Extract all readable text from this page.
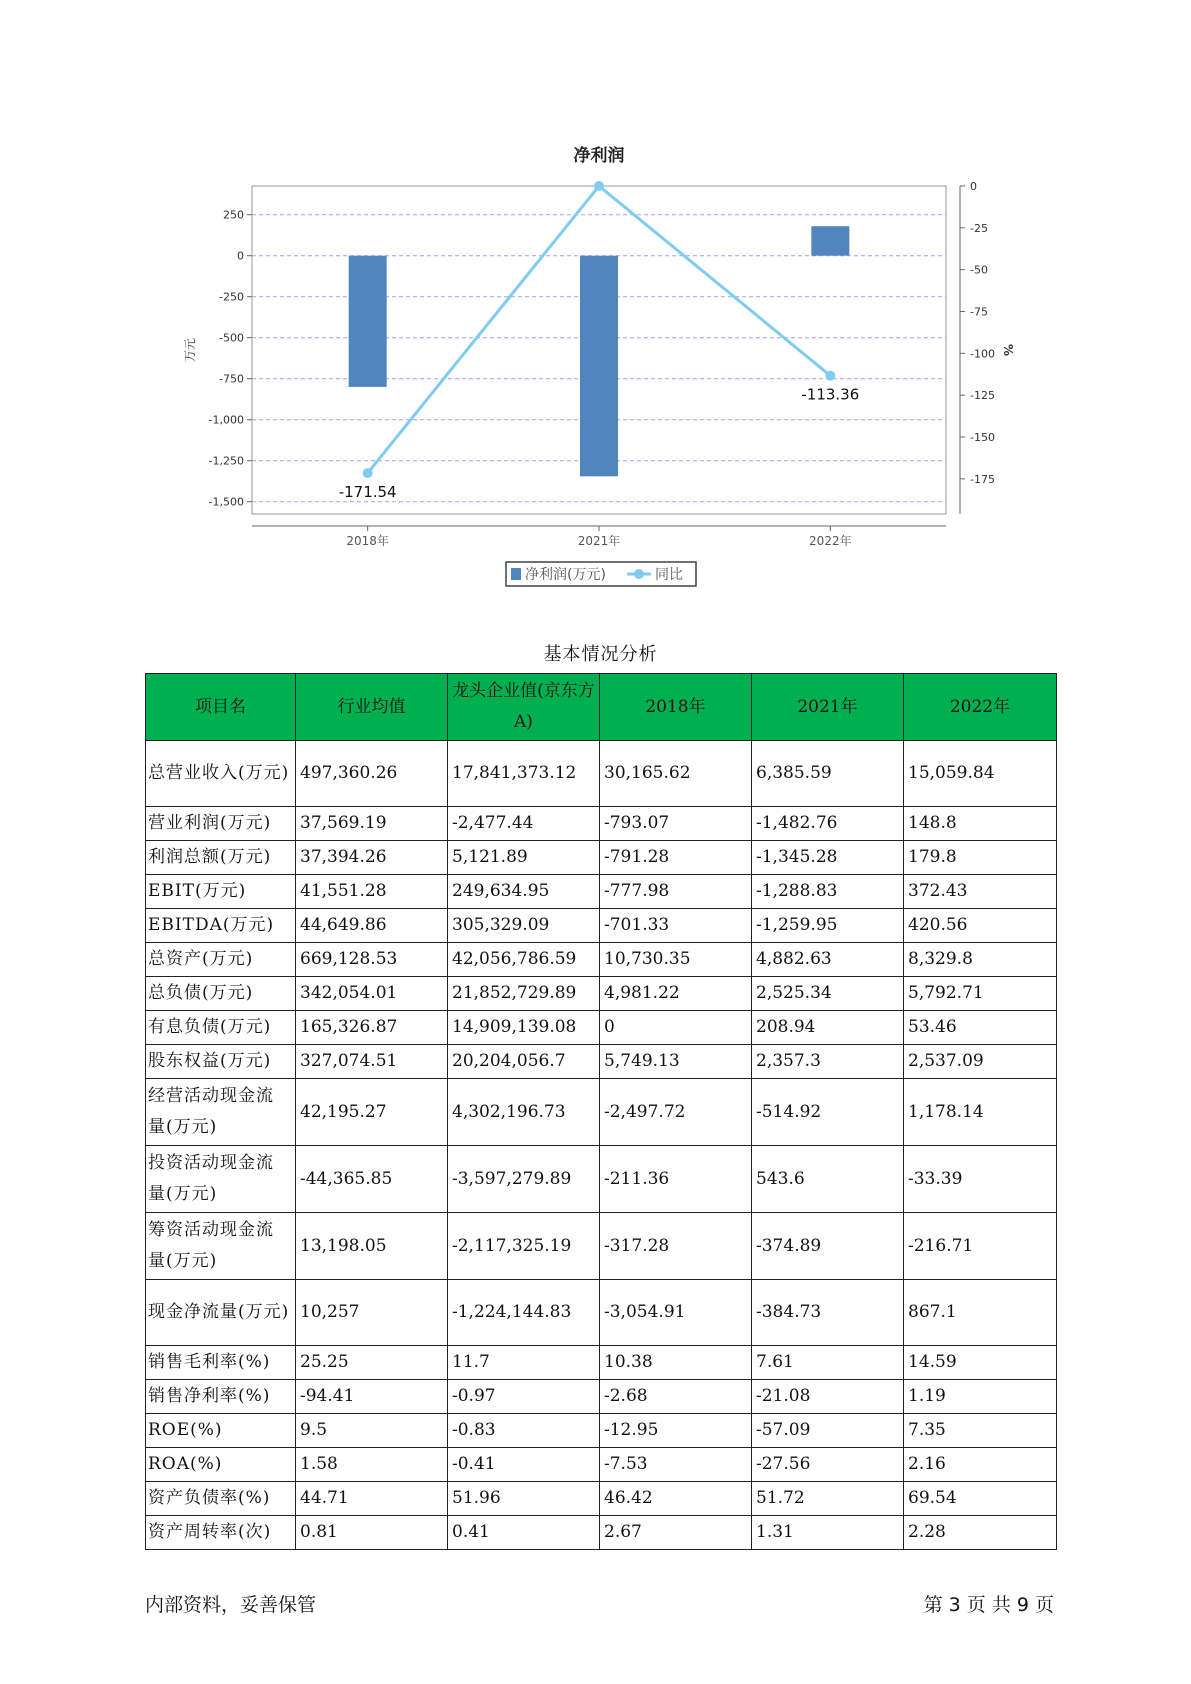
净利润
250
0
-250
-500
-750
-1,000
-1,250
-1,500
0
-25
-50
-75
-100
-125
-150
-175
万元	%
2018年	2021年	2022年
-171.54
-113.36
净利润(万元)	同比
基本情况分析
项目名	行业均值	龙头企业值(京东方A)	2018年	2021年	2022年
总营业收入(万元)	497,360.26	17,841,373.12	30,165.62	6,385.59	15,059.84
营业利润(万元)	37,569.19	-2,477.44	-793.07	-1,482.76	148.8
利润总额(万元)	37,394.26	5,121.89	-791.28	-1,345.28	179.8
EBIT(万元)	41,551.28	249,634.95	-777.98	-1,288.83	372.43
EBITDA(万元)	44,649.86	305,329.09	-701.33	-1,259.95	420.56
总资产(万元)	669,128.53	42,056,786.59	10,730.35	4,882.63	8,329.8
总负债(万元)	342,054.01	21,852,729.89	4,981.22	2,525.34	5,792.71
有息负债(万元)	165,326.87	14,909,139.08	0	208.94	53.46
股东权益(万元)	327,074.51	20,204,056.7	5,749.13	2,357.3	2,537.09
经营活动现金流量(万元)	42,195.27	4,302,196.73	-2,497.72	-514.92	1,178.14
投资活动现金流量(万元)	-44,365.85	-3,597,279.89	-211.36	543.6	-33.39
筹资活动现金流量(万元)	13,198.05	-2,117,325.19	-317.28	-374.89	-216.71
现金净流量(万元)	10,257	-1,224,144.83	-3,054.91	-384.73	867.1
销售毛利率(%)	25.25	11.7	10.38	7.61	14.59
销售净利率(%)	-94.41	-0.97	-2.68	-21.08	1.19
ROE(%)	9.5	-0.83	-12.95	-57.09	7.35
ROA(%)	1.58	-0.41	-7.53	-27.56	2.16
资产负债率(%)	44.71	51.96	46.42	51.72	69.54
资产周转率(次)	0.81	0.41	2.67	1.31	2.28
内部资料，妥善保管	第 3 页 共 9 页
